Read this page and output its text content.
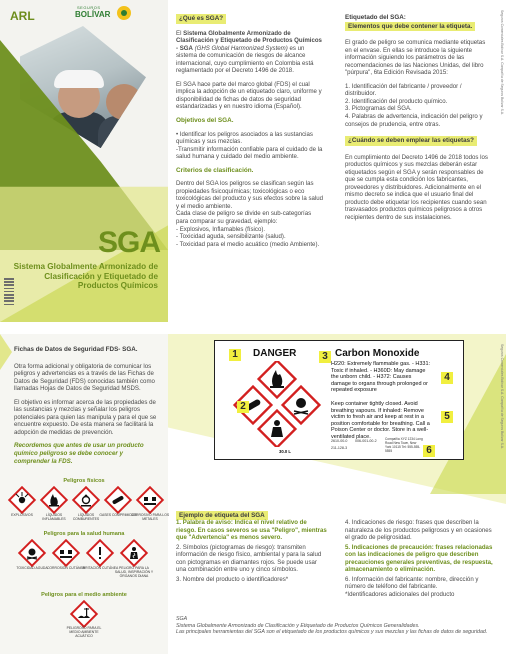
ARL
SEGUROS
BOLÍVAR
SGA
Sistema Globalmente Armonizado de Clasificación y Etiquetado de Productos Químicos

¿Qué es SGA?

El Sistema Globalmente Armonizado de Clasificación y Etiquetado de Productos Químicos - SGA (GHS Global Harmonized System) es un sistema de comunicación de riesgos de alcance internacional, cuyo cumplimiento en Colombia está reglamentado por el Decreto 1496 de 2018.

El SGA hace parte del marco global (FDS) el cual implica la adopción de un etiquetado claro, uniforme y disponibilidad de fichas de datos de seguridad estandarizadas y en nuestro idioma (Español).

Objetivos del SGA.

• Identificar los peligros asociados a las sustancias químicas y sus mezclas.

-Transmitir información confiable para el cuidado de la salud humana y cuidado del medio ambiente.

Criterios de clasificación.

Dentro del SGA los peligros se clasifican según las propiedades fisicoquímicas; toxicológicas o eco toxicológicas del producto y sus efectos sobre la salud y el medio ambiente.

Cada clase de peligro se divide en sub-categorías para comparar su gravedad, ejemplo:

- Explosivos, Inflamables (físico).

- Toxicidad aguda, sensibilizante (salud).

- Toxicidad para el medio acuático (medio Ambiente).

Etiquetado del SGA:
Elementos que debe contener la etiqueta.

El grado de peligro se comunica mediante etiquetas en el envase. En ellas se introduce la siguiente información siguiendo los parámetros de las recomendaciones de las Naciones Unidas, del libro "púrpura", 6ta Edición Revisada 2015:

1. Identificación del fabricante / proveedor / distribuidor.

2. Identificación del producto químico.

3. Pictogramas del SGA.

4. Palabras de advertencia, indicación del peligro y consejos de prudencia, entre otras.

¿Cuándo se deben emplear las etiquetas?

En cumplimiento del Decreto 1496 de 2018 todos los productos químicos y sus mezclas deberán estar etiquetados según el SGA y serán responsables de que se cumpla esta condición los fabricantes, proveedores y distribuidores. Adicionalmente en el mismo decreto se indica que el usuario final del producto debe etiquetar los recipientes cuando sean trasvasados productos químicos peligrosos a otros recipientes dentro de sus instalaciones.

Seguros Comerciales Bolívar S.A. Compañía de Seguros Bolívar S.A.

Fichas de Datos de Seguridad FDS- SGA.

Otra forma adicional y obligatoria de comunicar los peligros y advertencias es a través de las Fichas de Datos de Seguridad (FDS) conocidas también como llamadas Hojas de Datos de Seguridad MSDS.

El objetivo es informar acerca de las propiedades de las sustancias y mezclas y señalar los peligros potenciales para quien las manipula y para el que se encuentre expuesto. De esta manera se facilitará la adopción de medidas de prevención.

Recordemos que antes de usar un producto químico peligroso se debe conocer y comprender la FDS.

Peligros físicos
EXPLOSIVOS	LÍQUIDOS INFLAMABLES
LÍQUIDOS COMBURENTES
GASES COMPRIMIDOS
CORROSIVO PARA LOS METALES
Peligros para la salud humana
TOXICIDAD AGUDA CORROSIÓN CUTÁNEA
IRRITACIÓN CUTÁNEA PELIGRO PARA LA SALUD, INSPIRACIÓN Y ÓRGANOS DIANA
Peligros para el medio ambiente
PELIGROSO PARA EL MEDIO AMBIENTE ACUÁTICO
1	DANGER	3 Carbon Monoxide
2
30.0 L
H220: Extremely flammable gas. - H331: Toxic if inhaled. - H360D: May damage the unborn child. - H372: Causes damage to organs through prolonged or repeated exposure
4
Keep container tightly closed. Avoid breathing vapours. If inhaled: Remove victim to fresh air and keep at rest in a position comfortable for breathing. Call a Poison Center or doctor. Store in a well-ventilated place.
5
2610-00-0 006-001-00-2
211-128-3
Compañía XYZ 1234 Long Road New Town, New York 10115 Tel: 555-555-5555	6
Ejemplo de etiqueta del SGA

1. Palabra de aviso: Indica el nivel relativo de riesgo. En casos severos se usa "Peligro", mientras que "Advertencia" es menos severo.

2. Símbolos (pictogramas de riesgo): transmiten información de riesgo físico, ambiental y para la salud con pictogramas en diamantes rojos. Se puede usar una combinación entre uno y cinco símbolos.

3. Nombre del producto o identificadores*

4. Indicaciones de riesgo: frases que describen la naturaleza de los productos peligrosos y en ocasiones el grado de peligrosidad.

5. Indicaciones de precaución: frases relacionadas con las indicaciones de peligro que describen precauciones generales preventivas, de respuesta, almacenamiento o eliminación.

6. Información del fabricante: nombre, dirección y número de teléfono del fabricante.

*Identificadores adicionales del producto

SGA
Sistema Globalmente Armonizado de Clasificación y Etiquetado de Productos Químicos Generalidades.
Las principales herramientas del SGA son el etiquetado de los productos químicos y sus mezclas y las fichas de datos de seguridad.
Seguros Comerciales Bolívar S.A. Compañía de Seguros Bolívar S.A.
